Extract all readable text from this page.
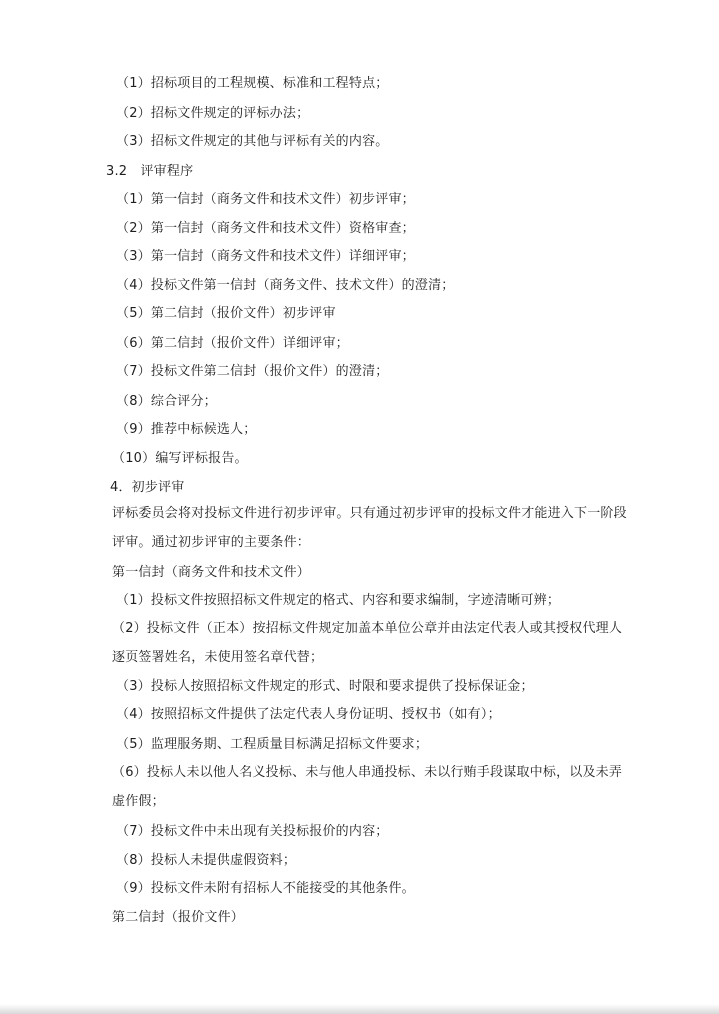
（1）招标项目的工程规模、标准和工程特点；
（2）招标文件规定的评标办法；
（3）招标文件规定的其他与评标有关的内容。
3.2　评审程序
（1）第一信封（商务文件和技术文件）初步评审；
（2）第一信封（商务文件和技术文件）资格审查；
（3）第一信封（商务文件和技术文件）详细评审；
（4）投标文件第一信封（商务文件、技术文件）的澄清；
（5）第二信封（报价文件）初步评审
（6）第二信封（报价文件）详细评审；
（7）投标文件第二信封（报价文件）的澄清；
（8）综合评分；
（9）推荐中标候选人；
（10）编写评标报告。
4．初步评审
评标委员会将对投标文件进行初步评审。只有通过初步评审的投标文件才能进入下一阶段评审。通过初步评审的主要条件：
第一信封（商务文件和技术文件）
（1）投标文件按照招标文件规定的格式、内容和要求编制，字迹清晰可辨；
（2）投标文件（正本）按招标文件规定加盖本单位公章并由法定代表人或其授权代理人逐页签署姓名，未使用签名章代替；
（3）投标人按照招标文件规定的形式、时限和要求提供了投标保证金；
（4）按照招标文件提供了法定代表人身份证明、授权书（如有）；
（5）监理服务期、工程质量目标满足招标文件要求；
（6）投标人未以他人名义投标、未与他人串通投标、未以行贿手段谋取中标，以及未弄虚作假；
（7）投标文件中未出现有关投标报价的内容；
（8）投标人未提供虚假资料；
（9）投标文件未附有招标人不能接受的其他条件。
第二信封（报价文件）
